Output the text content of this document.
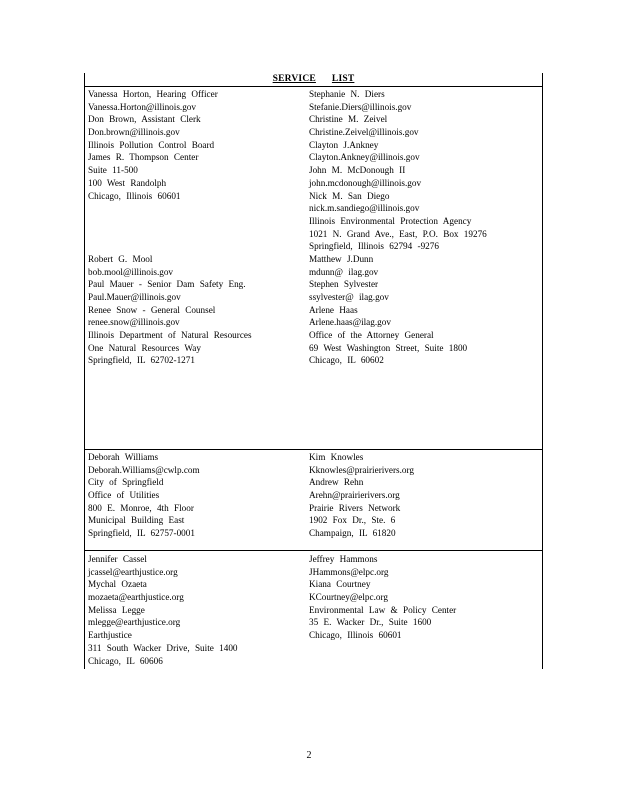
SERVICE LIST
Vanessa Horton, Hearing Officer
Vanessa.Horton@illinois.gov
Don Brown, Assistant Clerk
Don.brown@illinois.gov
Illinois Pollution Control Board
James R. Thompson Center
Suite 11-500
100 West Randolph
Chicago, Illinois 60601
Robert G. Mool
bob.mool@illinois.gov
Paul Mauer - Senior Dam Safety Eng.
Paul.Mauer@illinois.gov
Renee Snow - General Counsel
renee.snow@illinois.gov
Illinois Department of Natural Resources
One Natural Resources Way
Springfield, IL 62702-1271
Stephanie N. Diers
Stefanie.Diers@illinois.gov
Christine M. Zeivel
Christine.Zeivel@illinois.gov
Clayton J.Ankney
Clayton.Ankney@illinois.gov
John M. McDonough II
john.mcdonough@illinois.gov
Nick M. San Diego
nick.m.sandiego@illinois.gov
Illinois Environmental Protection Agency
1021 N. Grand Ave., East, P.O. Box 19276
Springfield, Illinois 62794 -9276
Matthew J.Dunn
mdunn@ ilag.gov
Stephen Sylvester
ssylvester@ ilag.gov
Arlene Haas
Arlene.haas@ilag.gov
Office of the Attorney General
69 West Washington Street, Suite 1800
Chicago, IL 60602
Deborah Williams
Deborah.Williams@cwlp.com
City of Springfield
Office of Utilities
800 E. Monroe, 4th Floor
Municipal Building East
Springfield, IL 62757-0001
Kim Knowles
Kknowles@prairierivers.org
Andrew Rehn
Arehn@prairierivers.org
Prairie Rivers Network
1902 Fox Dr., Ste. 6
Champaign, IL 61820
Jennifer Cassel
jcassel@earthjustice.org
Mychal Ozaeta
mozaeta@earthjustice.org
Melissa Legge
mlegge@earthjustice.org
Earthjustice
311 South Wacker Drive, Suite 1400
Chicago, IL 60606
Jeffrey Hammons
JHammons@elpc.org
Kiana Courtney
KCourtney@elpc.org
Environmental Law & Policy Center
35 E. Wacker Dr., Suite 1600
Chicago, Illinois 60601
2
